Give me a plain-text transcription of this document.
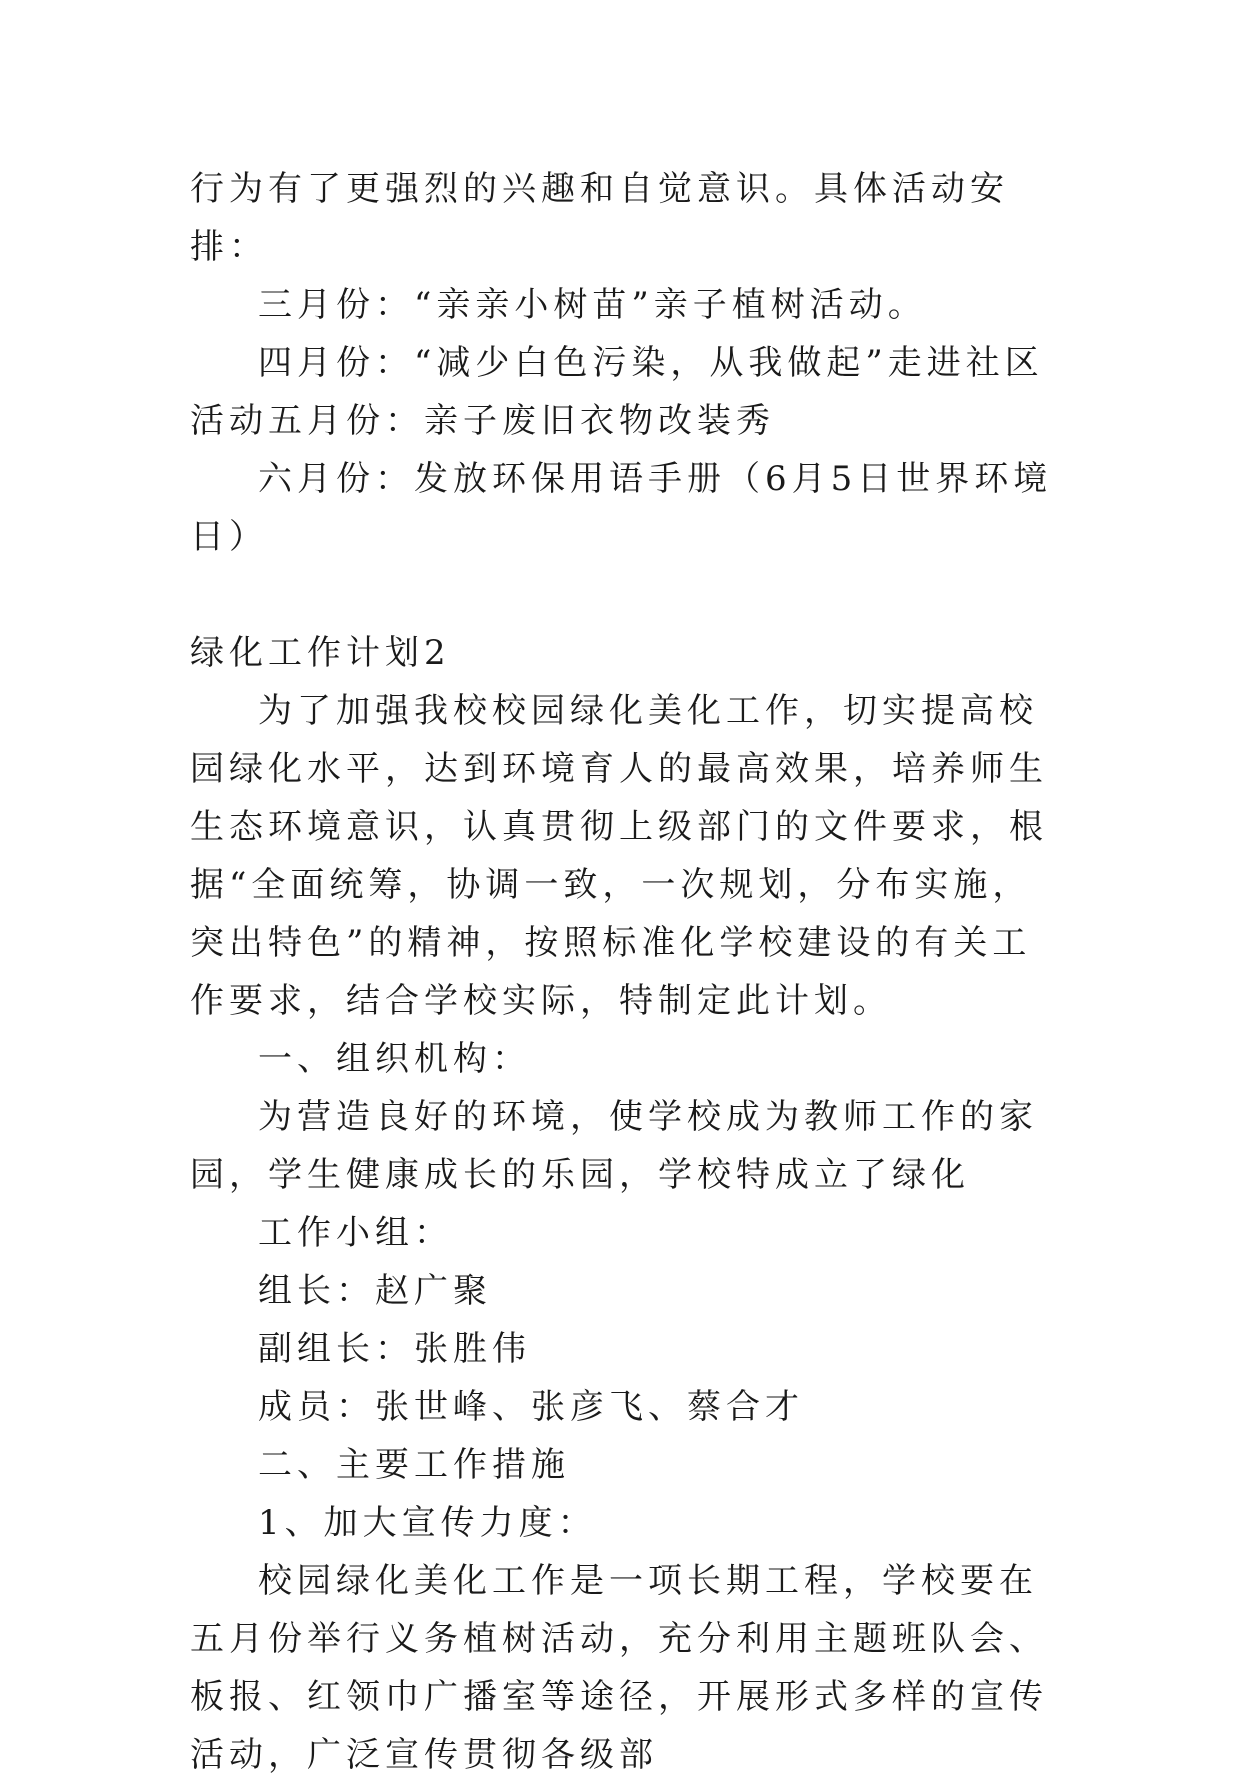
行为有了更强烈的兴趣和自觉意识。具体活动安排：

三月份：“亲亲小树苗”亲子植树活动。

四月份：“减少白色污染，从我做起”走进社区活动五月份：亲子废旧衣物改装秀

六月份：发放环保用语手册（6月5日世界环境日）

绿化工作计划2

为了加强我校校园绿化美化工作，切实提高校园绿化水平，达到环境育人的最高效果，培养师生生态环境意识，认真贯彻上级部门的文件要求，根据“全面统筹，协调一致，一次规划，分布实施，突出特色”的精神，按照标准化学校建设的有关工作要求，结合学校实际，特制定此计划。

一、组织机构：

为营造良好的环境，使学校成为教师工作的家园，学生健康成长的乐园，学校特成立了绿化

工作小组：

组长：赵广聚

副组长：张胜伟

成员：张世峰、张彦飞、蔡合才

二、主要工作措施

1、加大宣传力度：

校园绿化美化工作是一项长期工程，学校要在五月份举行义务植树活动，充分利用主题班队会、板报、红领巾广播室等途径，开展形式多样的宣传活动，广泛宣传贯彻各级部
